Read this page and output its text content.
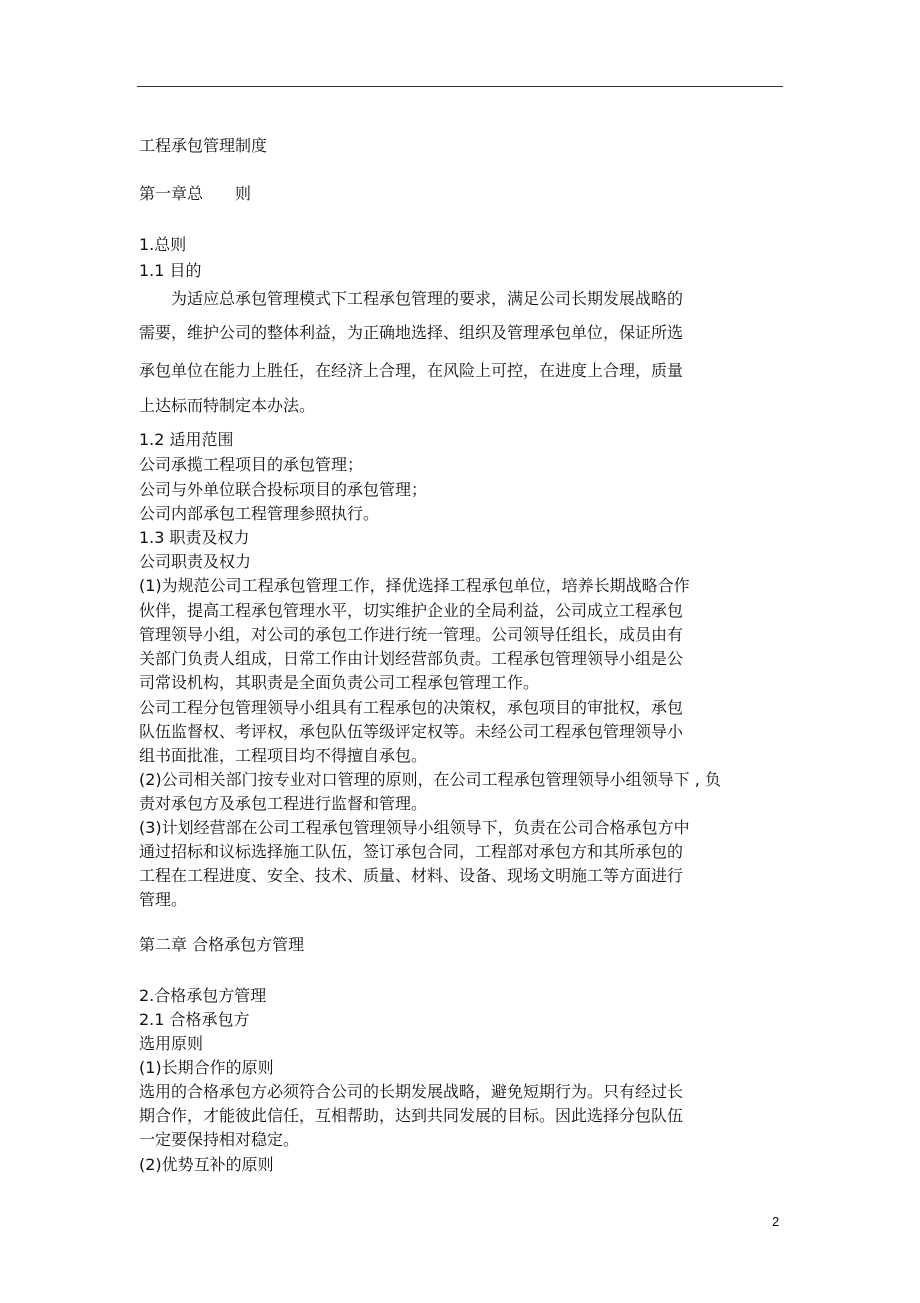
工程承包管理制度
第一章总　　则
1.总则
1.1 目的
　　为适应总承包管理模式下工程承包管理的要求，满足公司长期发展战略的
需要，维护公司的整体利益，为正确地选择、组织及管理承包单位，保证所选
承包单位在能力上胜任，在经济上合理，在风险上可控，在进度上合理，质量
上达标而特制定本办法。
1.2 适用范围
公司承揽工程项目的承包管理；
公司与外单位联合投标项目的承包管理；
公司内部承包工程管理参照执行。
1.3 职责及权力
公司职责及权力
(1)为规范公司工程承包管理工作，择优选择工程承包单位，培养长期战略合作
伙伴，提高工程承包管理水平，切实维护企业的全局利益，公司成立工程承包
管理领导小组，对公司的承包工作进行统一管理。公司领导任组长，成员由有
关部门负责人组成，日常工作由计划经营部负责。工程承包管理领导小组是公
司常设机构，其职责是全面负责公司工程承包管理工作。
公司工程分包管理领导小组具有工程承包的决策权，承包项目的审批权，承包
队伍监督权、考评权，承包队伍等级评定权等。未经公司工程承包管理领导小
组书面批准，工程项目均不得擅自承包。
(2)公司相关部门按专业对口管理的原则，在公司工程承包管理领导小组领导下 , 负
责对承包方及承包工程进行监督和管理。
(3)计划经营部在公司工程承包管理领导小组领导下，负责在公司合格承包方中
通过招标和议标选择施工队伍，签订承包合同，工程部对承包方和其所承包的
工程在工程进度、安全、技术、质量、材料、设备、现场文明施工等方面进行
管理。
第二章 合格承包方管理
2.合格承包方管理
2.1 合格承包方
选用原则
(1)长期合作的原则
选用的合格承包方必须符合公司的长期发展战略，避免短期行为。只有经过长
期合作，才能彼此信任，互相帮助，达到共同发展的目标。因此选择分包队伍
一定要保持相对稳定。
(2)优势互补的原则
2
